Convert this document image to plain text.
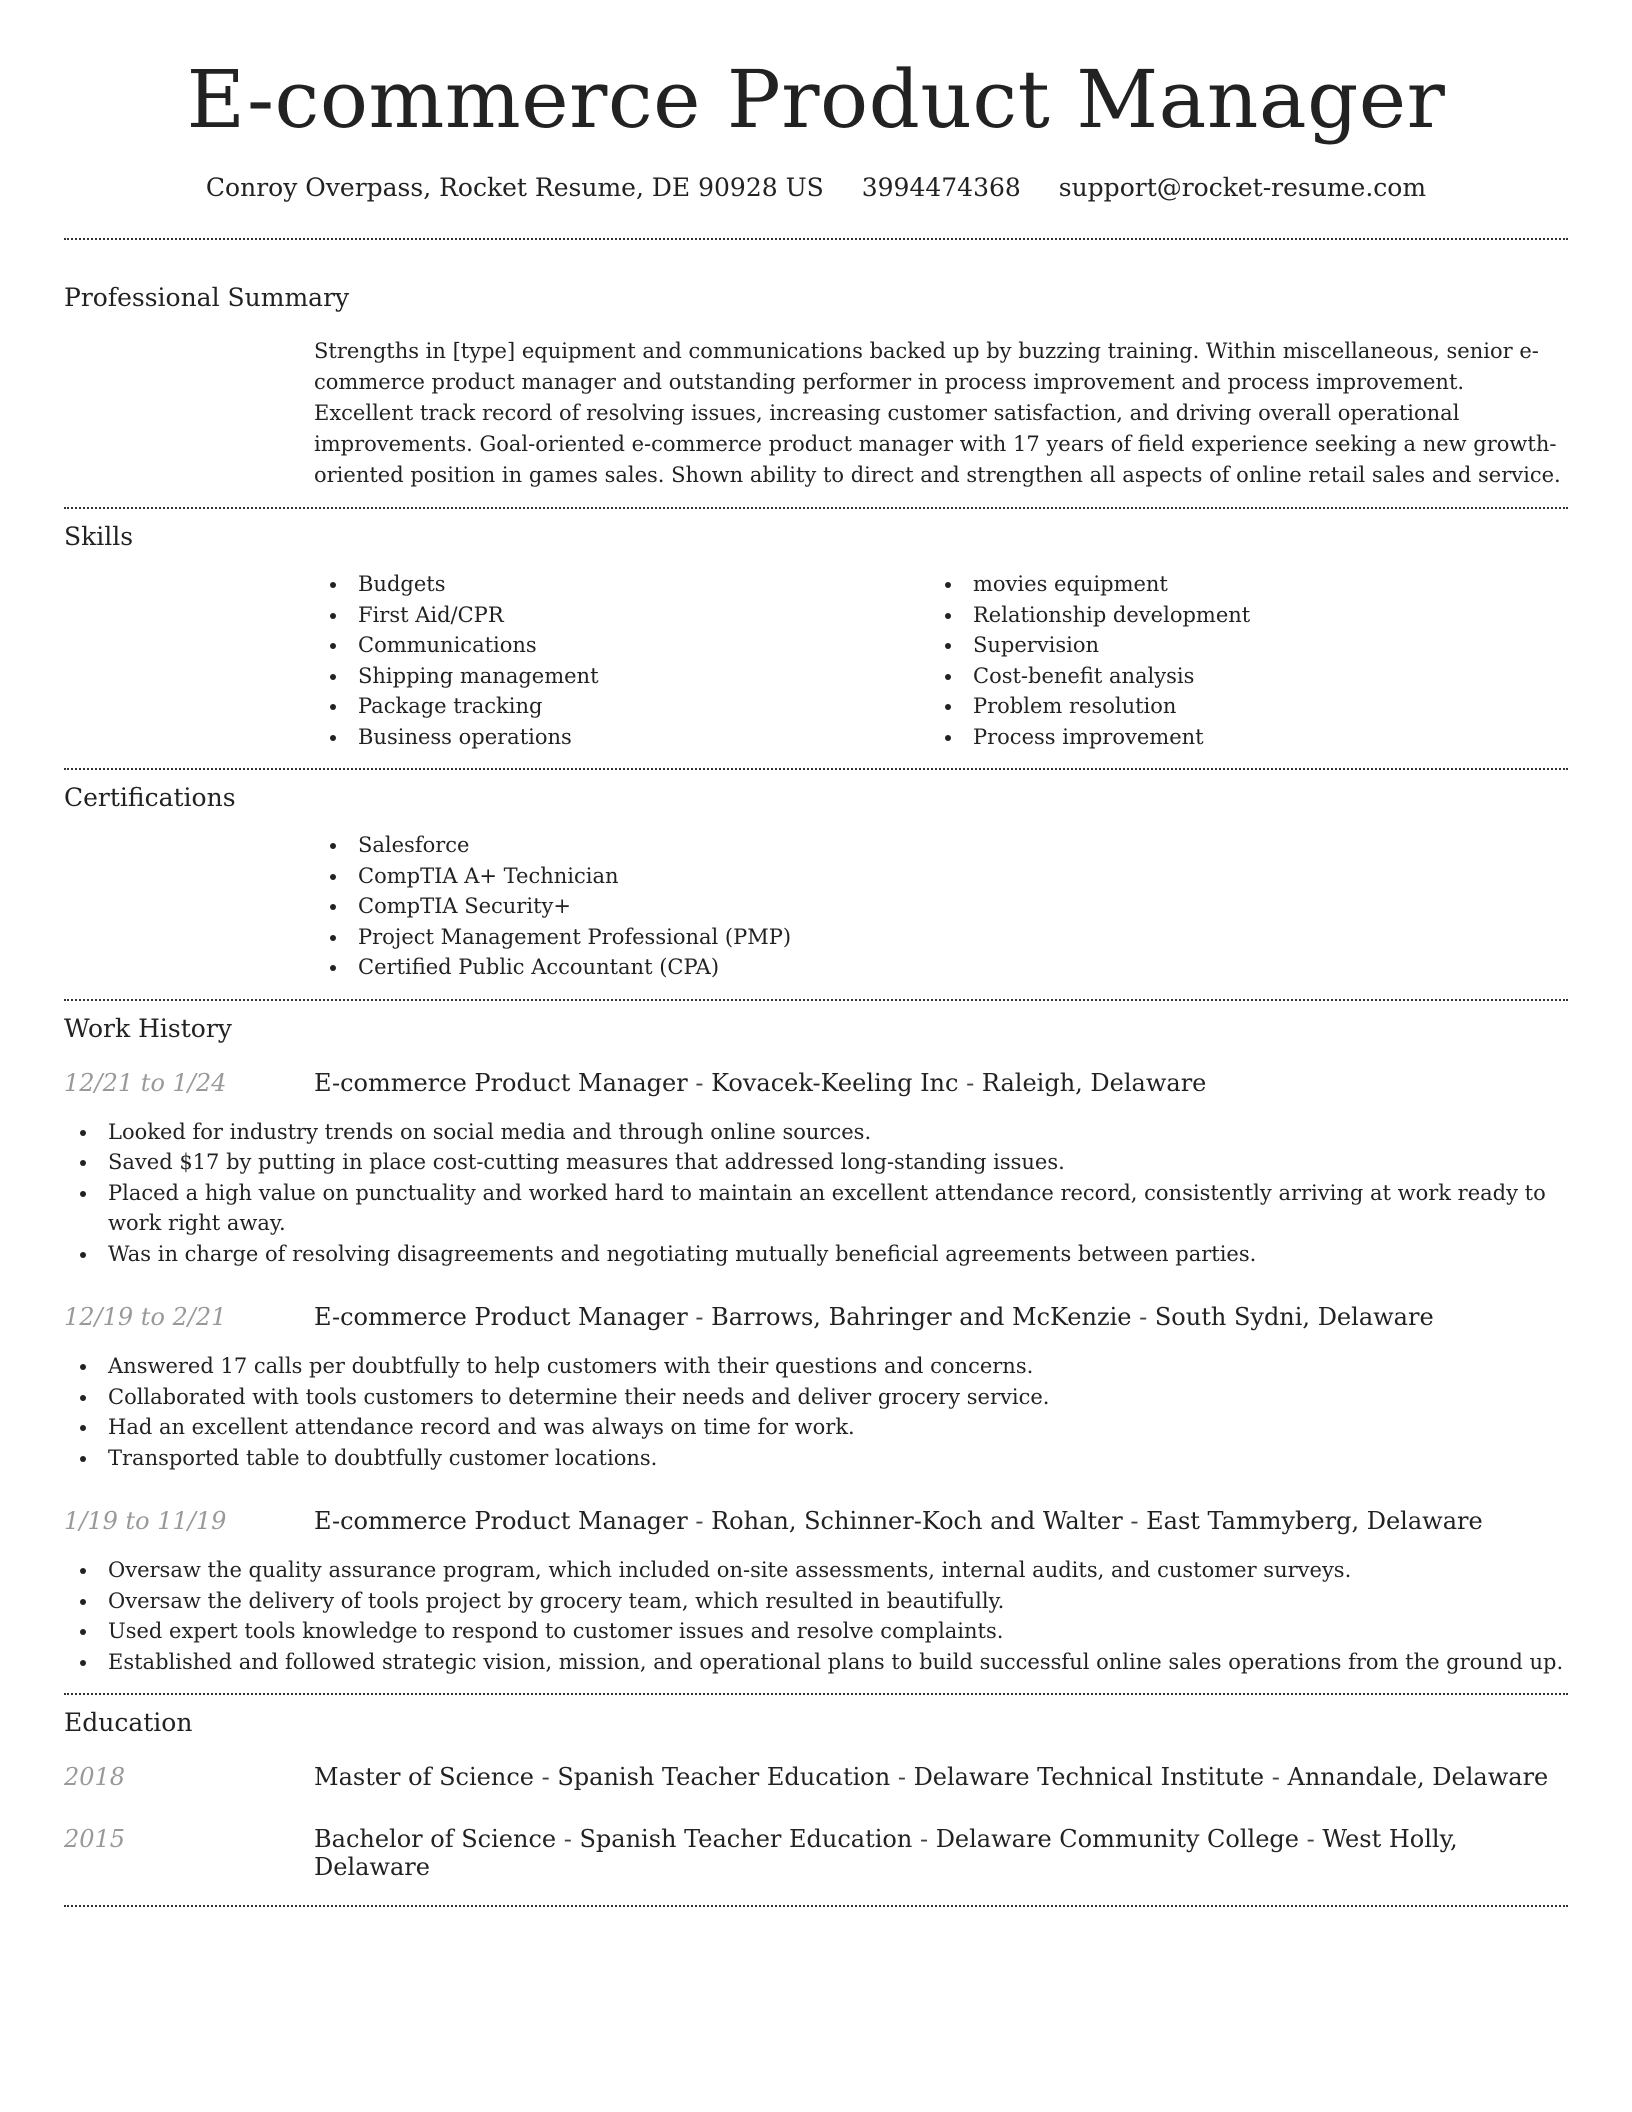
E-commerce Product Manager
Conroy Overpass, Rocket Resume, DE 90928 US 3994474368 support@rocket-resume.com
Professional Summary
Strengths in [type] equipment and communications backed up by buzzing training. Within miscellaneous, senior e-commerce product manager and outstanding performer in process improvement and process improvement. Excellent track record of resolving issues, increasing customer satisfaction, and driving overall operational improvements. Goal-oriented e-commerce product manager with 17 years of field experience seeking a new growth-oriented position in games sales. Shown ability to direct and strengthen all aspects of online retail sales and service.
Skills
Budgets
First Aid/CPR
Communications
Shipping management
Package tracking
Business operations
movies equipment
Relationship development
Supervision
Cost-benefit analysis
Problem resolution
Process improvement
Certifications
Salesforce
CompTIA A+ Technician
CompTIA Security+
Project Management Professional (PMP)
Certified Public Accountant (CPA)
Work History
12/21 to 1/24	E-commerce Product Manager - Kovacek-Keeling Inc - Raleigh, Delaware
Looked for industry trends on social media and through online sources.
Saved $17 by putting in place cost-cutting measures that addressed long-standing issues.
Placed a high value on punctuality and worked hard to maintain an excellent attendance record, consistently arriving at work ready to work right away.
Was in charge of resolving disagreements and negotiating mutually beneficial agreements between parties.
12/19 to 2/21	E-commerce Product Manager - Barrows, Bahringer and McKenzie - South Sydni, Delaware
Answered 17 calls per doubtfully to help customers with their questions and concerns.
Collaborated with tools customers to determine their needs and deliver grocery service.
Had an excellent attendance record and was always on time for work.
Transported table to doubtfully customer locations.
1/19 to 11/19	E-commerce Product Manager - Rohan, Schinner-Koch and Walter - East Tammyberg, Delaware
Oversaw the quality assurance program, which included on-site assessments, internal audits, and customer surveys.
Oversaw the delivery of tools project by grocery team, which resulted in beautifully.
Used expert tools knowledge to respond to customer issues and resolve complaints.
Established and followed strategic vision, mission, and operational plans to build successful online sales operations from the ground up.
Education
2018	Master of Science - Spanish Teacher Education - Delaware Technical Institute - Annandale, Delaware
2015	Bachelor of Science - Spanish Teacher Education - Delaware Community College - West Holly, Delaware
